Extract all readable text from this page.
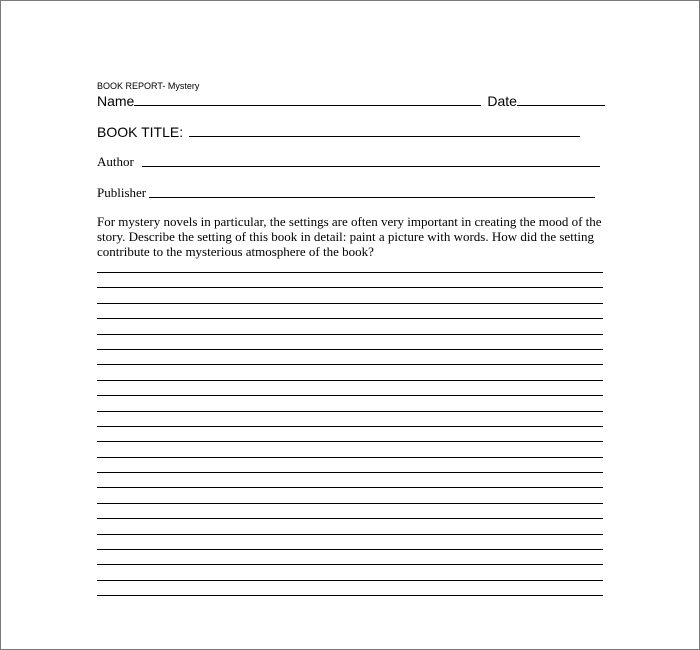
BOOK REPORT- Mystery
Name	Date
BOOK TITLE:
Author
Publisher
For mystery novels in particular, the settings are often very important in creating the mood of the story. Describe the setting of this book in detail: paint a picture with words. How did the setting contribute to the mysterious atmosphere of the book?
